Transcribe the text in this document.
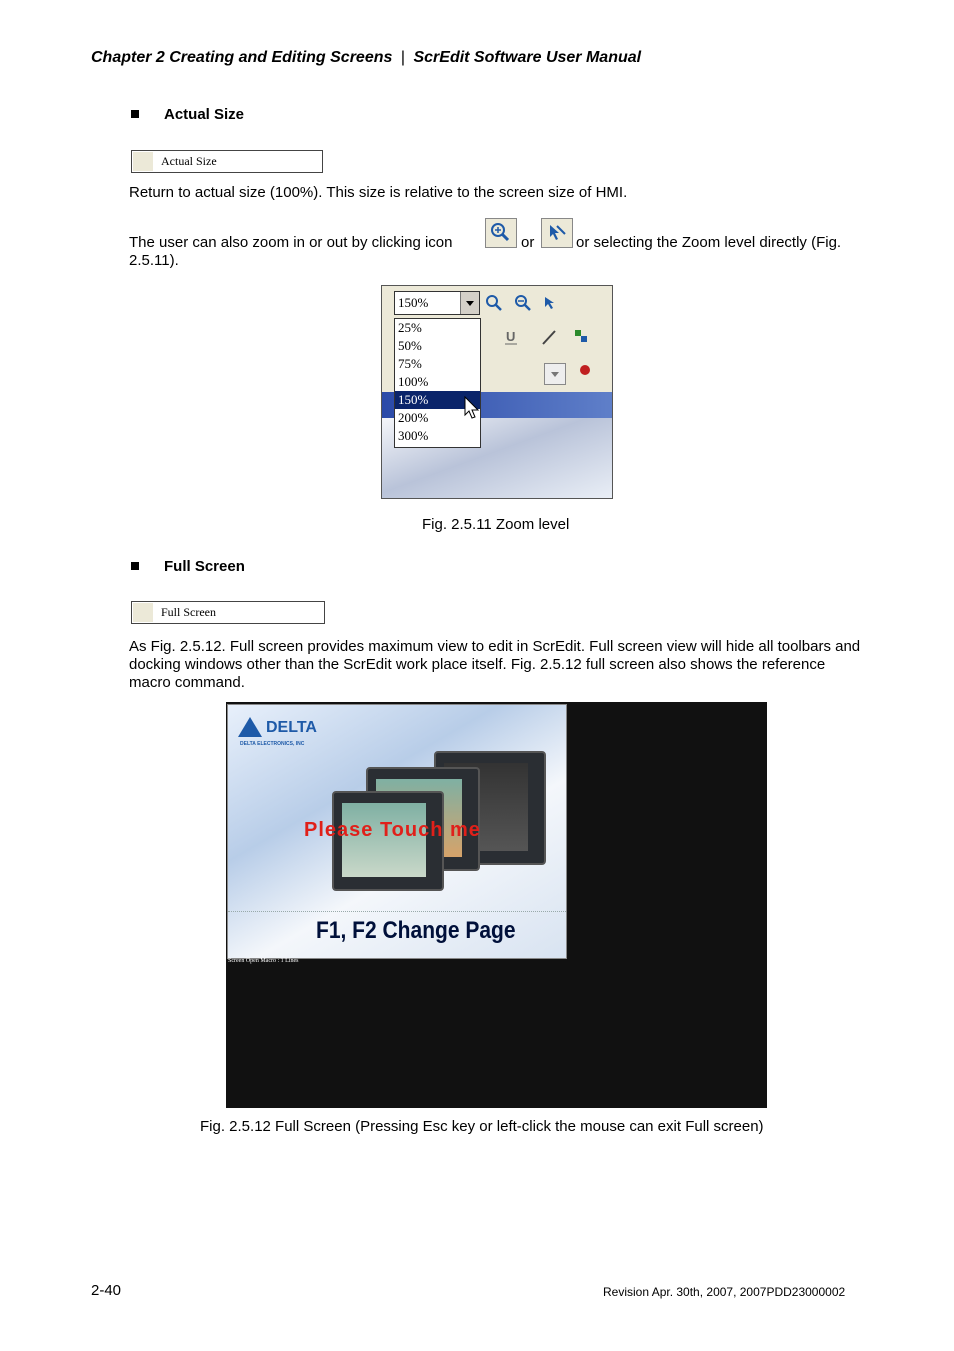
Chapter 2 Creating and Editing Screens | ScrEdit Software User Manual
Actual Size
Actual Size
Return to actual size (100%). This size is relative to the screen size of HMI.
The user can also zoom in or out by clicking icon	or	or selecting the Zoom level directly (Fig.
2.5.11).
150%
U
25%
50%
75%
100%
150%
200%
300%
Fig. 2.5.11 Zoom level
Full Screen
Full Screen
As Fig. 2.5.12. Full screen provides maximum view to edit in ScrEdit. Full screen view will hide all toolbars and docking windows other than the ScrEdit work place itself. Fig. 2.5.12 full screen also shows the reference macro command.
DELTA
DELTA ELECTRONICS, INC
Please Touch me
F1, F2 Change Page
Screen Open Macro : 1 Lines
Fig. 2.5.12 Full Screen (Pressing Esc key or left-click the mouse can exit Full screen)
2-40	Revision Apr. 30th, 2007, 2007PDD23000002
